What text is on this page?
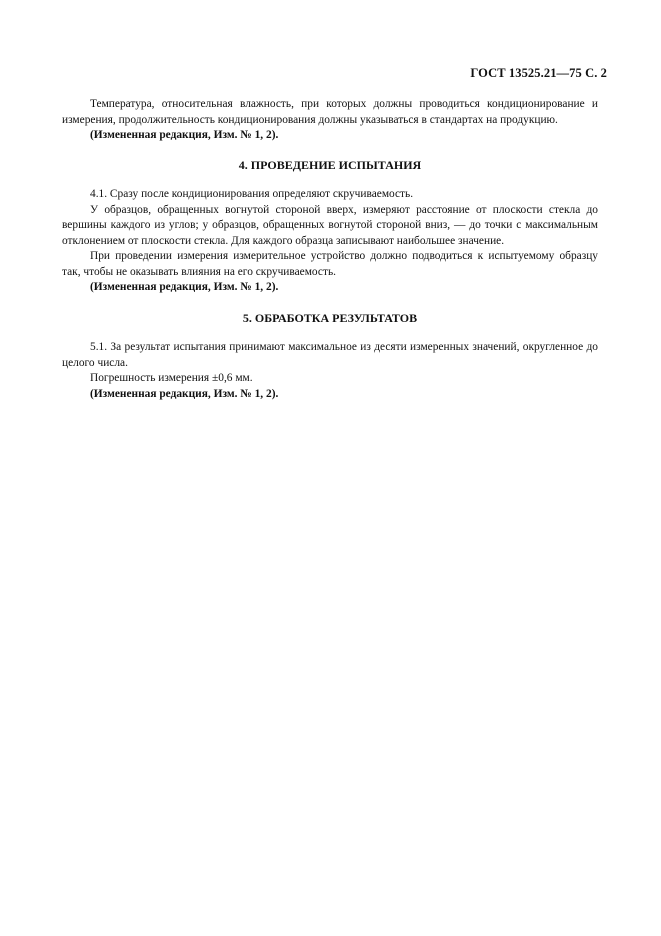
ГОСТ 13525.21—75 С. 2

Температура, относительная влажность, при которых должны проводиться кондиционирование и измерения, продолжительность кондиционирования должны указываться в стандартах на продукцию.

(Измененная редакция, Изм. № 1, 2).

4. ПРОВЕДЕНИЕ ИСПЫТАНИЯ

4.1. Сразу после кондиционирования определяют скручиваемость.

У образцов, обращенных вогнутой стороной вверх, измеряют расстояние от плоскости стекла до вершины каждого из углов; у образцов, обращенных вогнутой стороной вниз, — до точки с максимальным отклонением от плоскости стекла. Для каждого образца записывают наибольшее значение.

При проведении измерения измерительное устройство должно подводиться к испытуемому образцу так, чтобы не оказывать влияния на его скручиваемость.

(Измененная редакция, Изм. № 1, 2).

5. ОБРАБОТКА РЕЗУЛЬТАТОВ

5.1. За результат испытания принимают максимальное из десяти измеренных значений, округленное до целого числа.

Погрешность измерения ±0,6 мм.

(Измененная редакция, Изм. № 1, 2).
